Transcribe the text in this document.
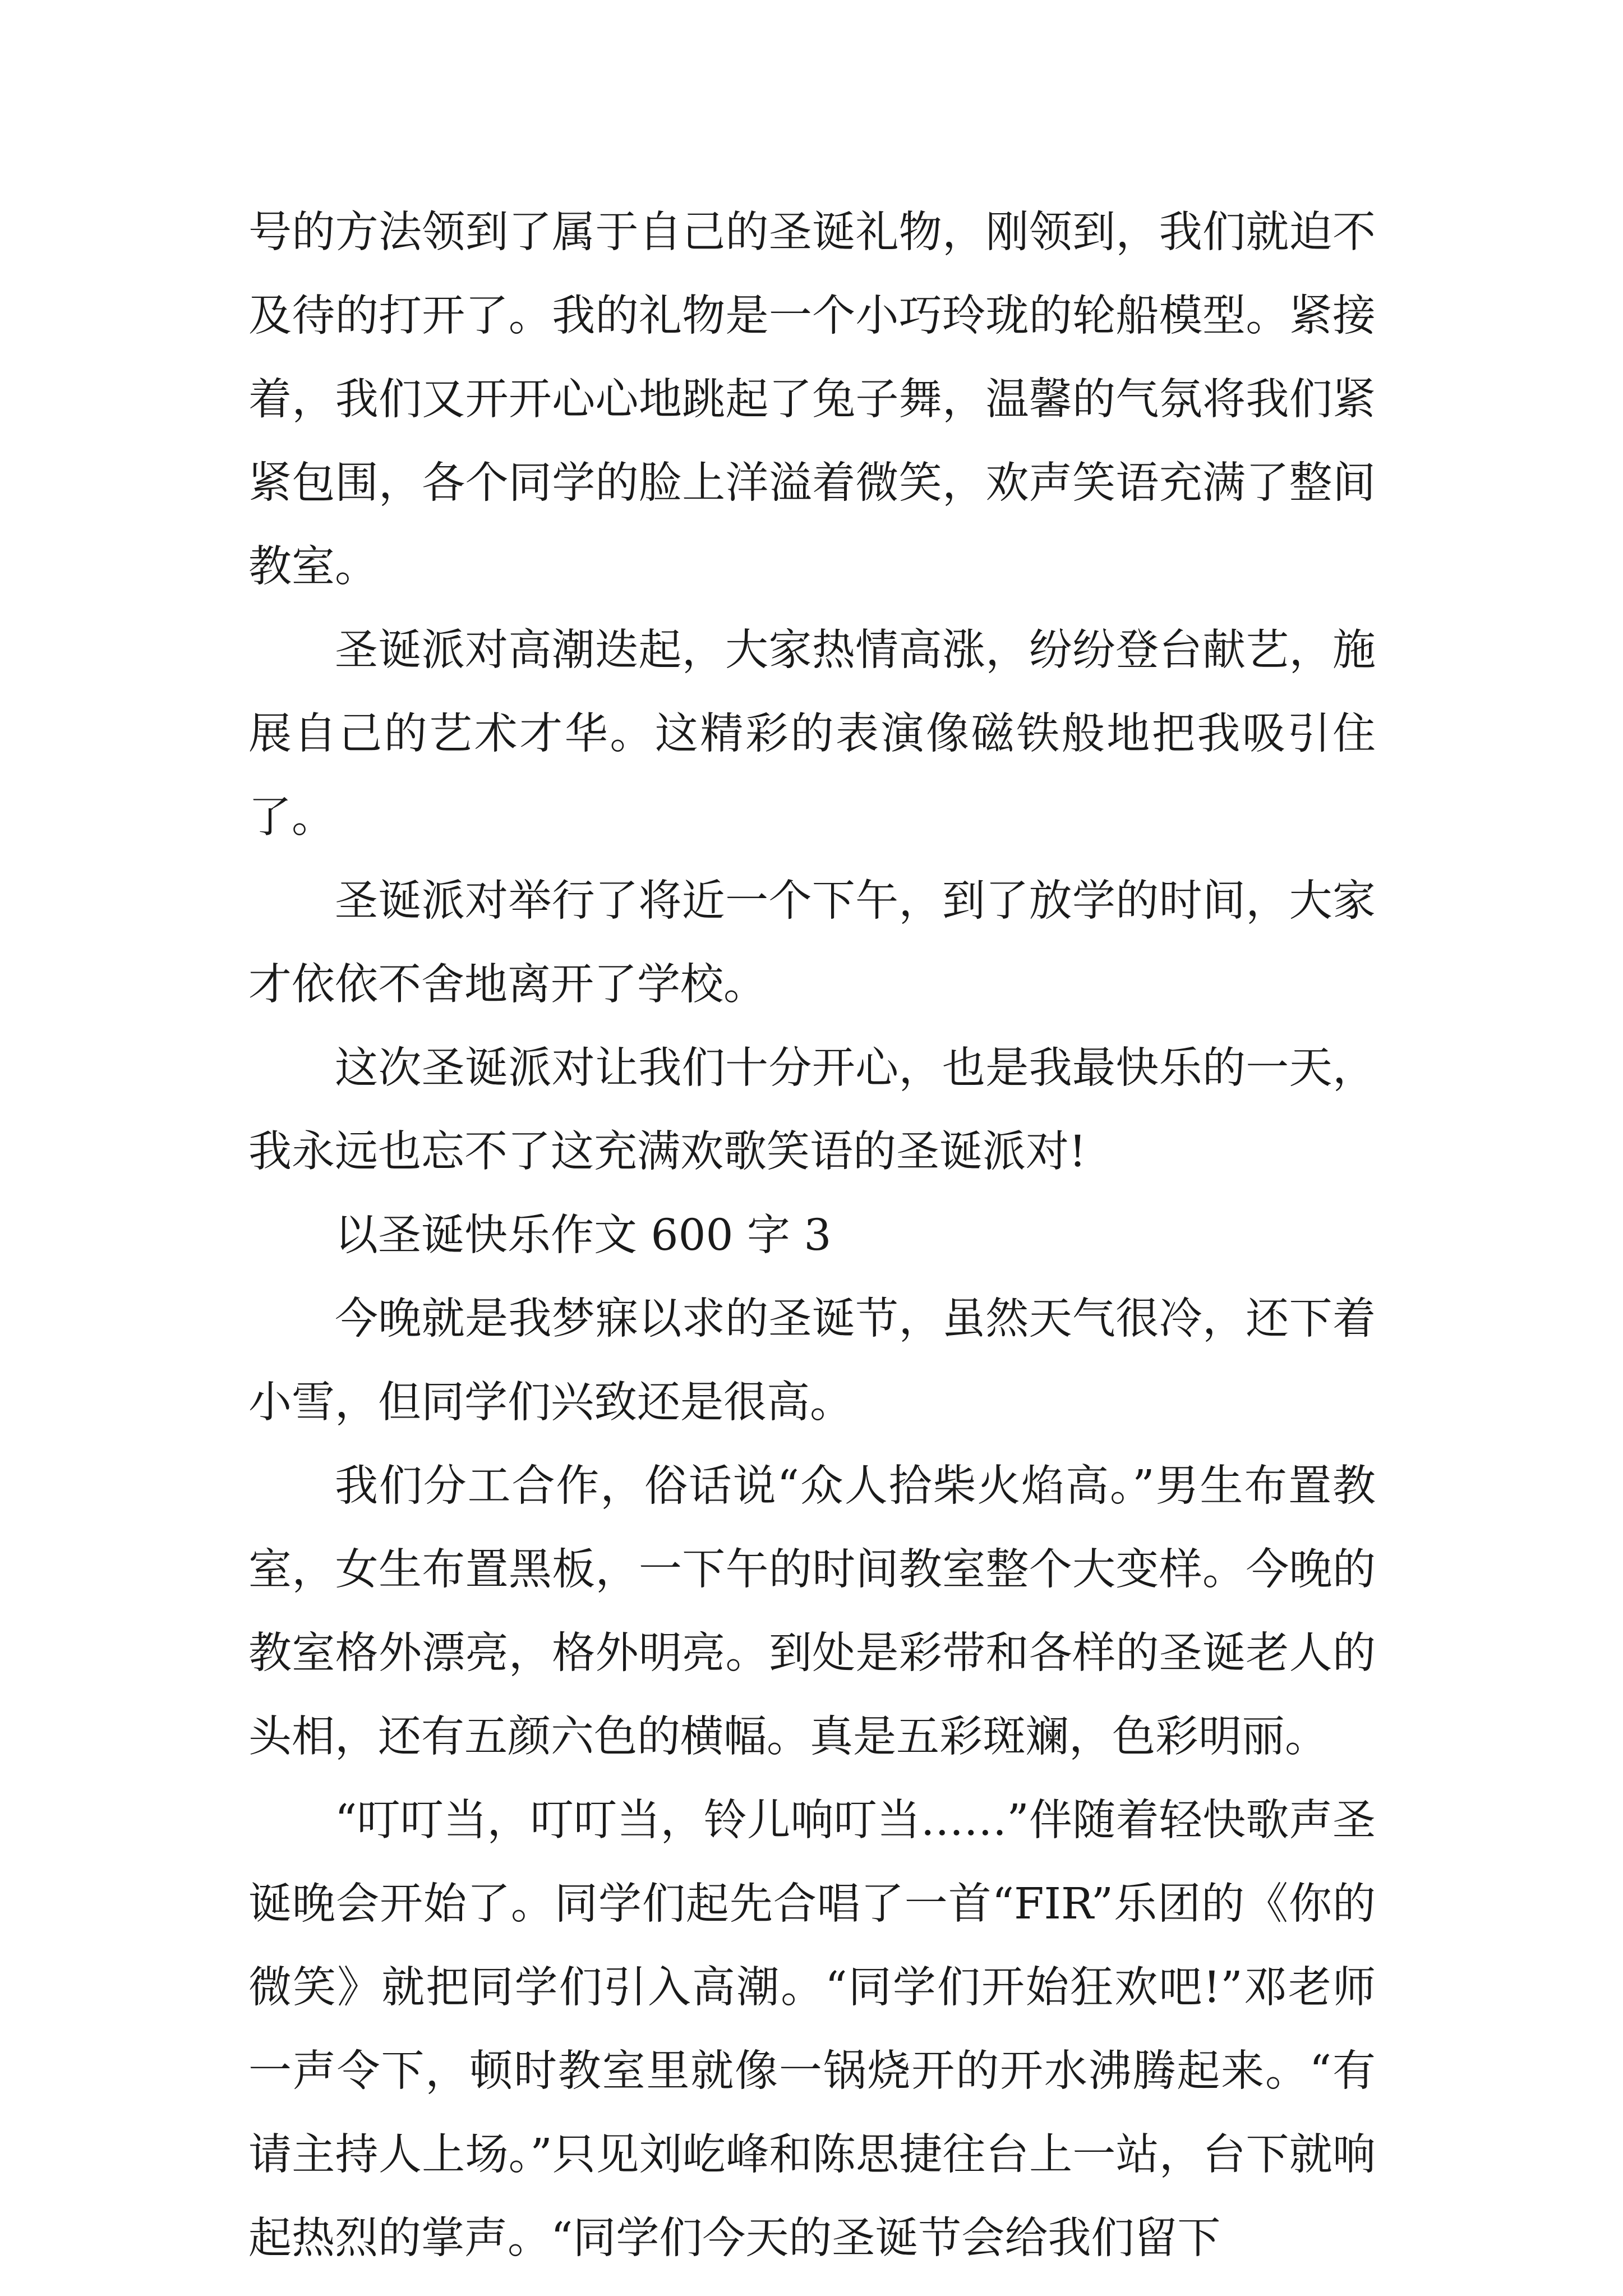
号的方法领到了属于自己的圣诞礼物，刚领到，我们就迫不及待的打开了。我的礼物是一个小巧玲珑的轮船模型。紧接着，我们又开开心心地跳起了兔子舞，温馨的气氛将我们紧紧包围，各个同学的脸上洋溢着微笑，欢声笑语充满了整间教室。

圣诞派对高潮迭起，大家热情高涨，纷纷登台献艺，施展自己的艺术才华。这精彩的表演像磁铁般地把我吸引住了。

圣诞派对举行了将近一个下午，到了放学的时间，大家才依依不舍地离开了学校。

这次圣诞派对让我们十分开心，也是我最快乐的一天，我永远也忘不了这充满欢歌笑语的圣诞派对!

以圣诞快乐作文 600 字 3

今晚就是我梦寐以求的圣诞节，虽然天气很冷，还下着小雪，但同学们兴致还是很高。

我们分工合作，俗话说“众人拾柴火焰高。”男生布置教室，女生布置黑板，一下午的时间教室整个大变样。今晚的教室格外漂亮，格外明亮。到处是彩带和各样的圣诞老人的头相，还有五颜六色的横幅。真是五彩斑斓，色彩明丽。

“叮叮当，叮叮当，铃儿响叮当……”伴随着轻快歌声圣诞晚会开始了。同学们起先合唱了一首“FIR”乐团的《你的微笑》就把同学们引入高潮。“同学们开始狂欢吧!”邓老师一声令下，顿时教室里就像一锅烧开的开水沸腾起来。“有请主持人上场。”只见刘屹峰和陈思捷往台上一站，台下就响起热烈的掌声。“同学们今天的圣诞节会给我们留下
